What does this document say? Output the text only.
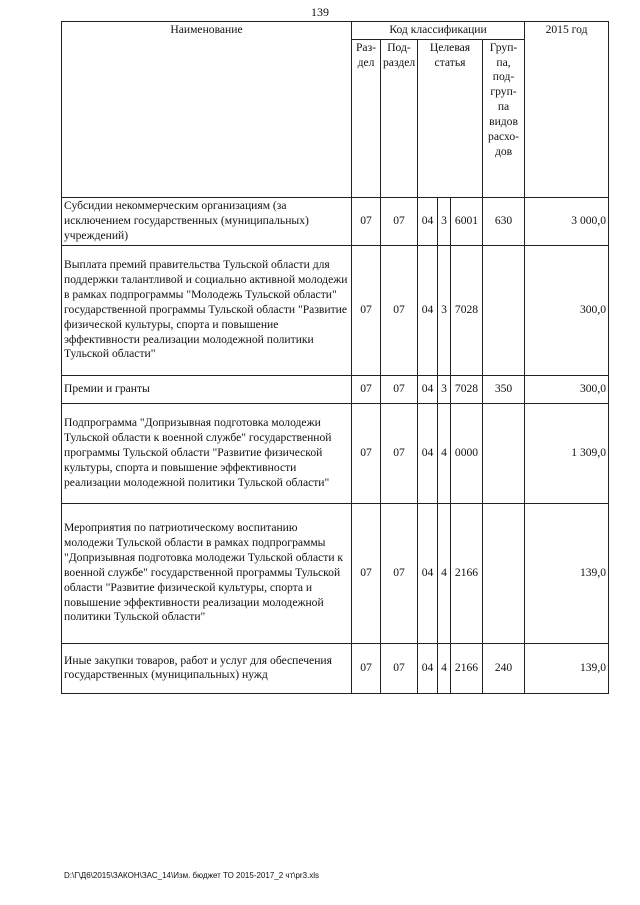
139
Наименование	Код классификации						2015 год
	Раз-дел	Под-раздел	Целевая статья			Груп-па, под-груп-па видов расхо-дов	
Субсидии некоммерческим организациям (за исключением государственных (муниципальных) учреждений)	07	07	04	3	6001	630	3 000,0
Выплата премий правительства Тульской области для поддержки талантливой и социально активной молодежи в рамках подпрограммы "Молодежь Тульской области" государственной программы Тульской области "Развитие физической культуры, спорта и повышение эффективности реализации молодежной политики Тульской области"	07	07	04	3	7028		300,0
Премии и гранты	07	07	04	3	7028	350	300,0
Подпрограмма "Допризывная подготовка молодежи Тульской области к военной службе" государственной программы Тульской области "Развитие физической культуры, спорта и повышение эффективности реализации молодежной политики Тульской области"	07	07	04	4	0000		1 309,0
Мероприятия по патриотическому воспитанию молодежи Тульской области в рамках подпрограммы "Допризывная подготовка молодежи Тульской области к военной службе" государственной программы Тульской области "Развитие физической культуры, спорта и повышение эффективности реализации молодежной политики Тульской области"	07	07	04	4	2166		139,0
Иные закупки товаров, работ и услуг для обеспечения государственных (муниципальных) нужд	07	07	04	4	2166	240	139,0
D:\Г\Д6\2015\ЗАКОН\ЗАС_14\Изм. бюджет ТО 2015-2017_2 чт\pr3.xls
